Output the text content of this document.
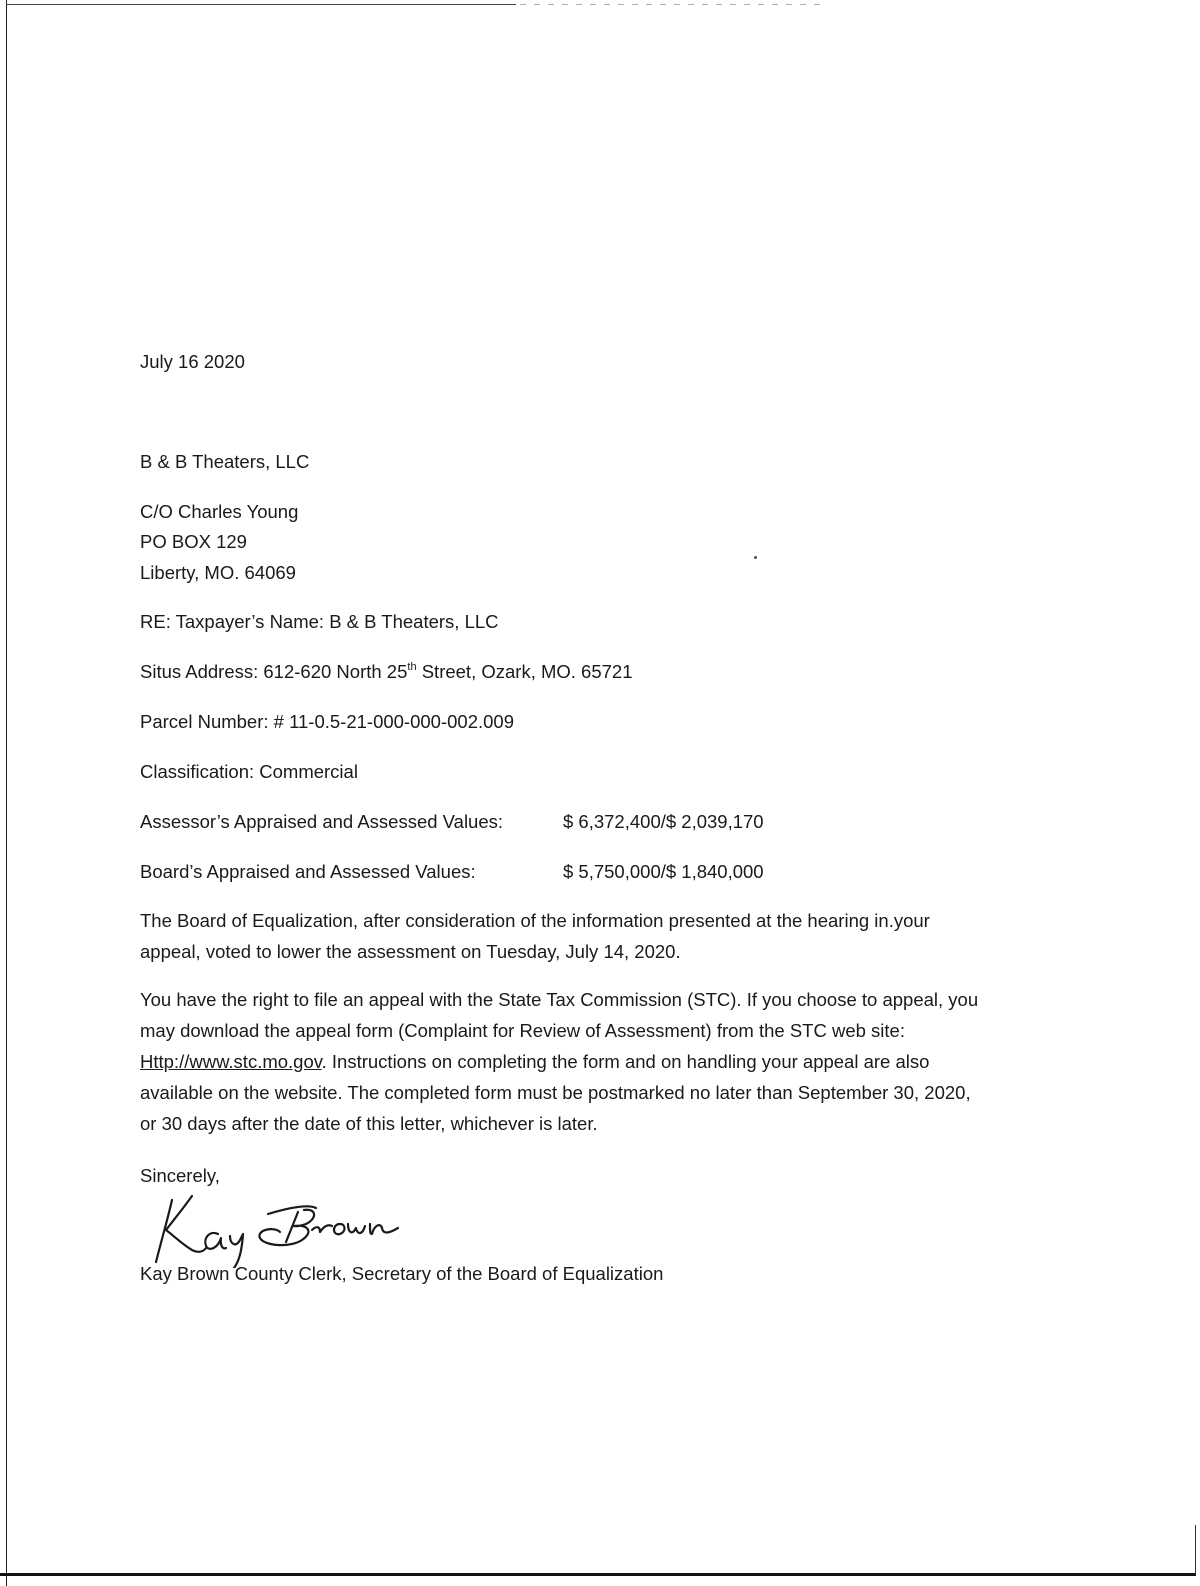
July 16 2020
B & B Theaters, LLC
C/O Charles Young
PO BOX 129
Liberty, MO. 64069
RE: Taxpayer’s Name: B & B Theaters, LLC
Situs Address: 612-620 North 25th Street, Ozark, MO. 65721
Parcel Number: # 11-0.5-21-000-000-002.009
Classification: Commercial
Assessor’s Appraised and Assessed Values:	$ 6,372,400/$ 2,039,170
Board’s Appraised and Assessed Values:	$ 5,750,000/$ 1,840,000
The Board of Equalization, after consideration of the information presented at the hearing in.your
appeal, voted to lower the assessment on Tuesday, July 14, 2020.
You have the right to file an appeal with the State Tax Commission (STC). If you choose to appeal, you
may download the appeal form (Complaint for Review of Assessment) from the STC web site:
Http://www.stc.mo.gov. Instructions on completing the form and on handling your appeal are also
available on the website. The completed form must be postmarked no later than September 30, 2020,
or 30 days after the date of this letter, whichever is later.
Sincerely,
Kay Brown County Clerk, Secretary of the Board of Equalization
